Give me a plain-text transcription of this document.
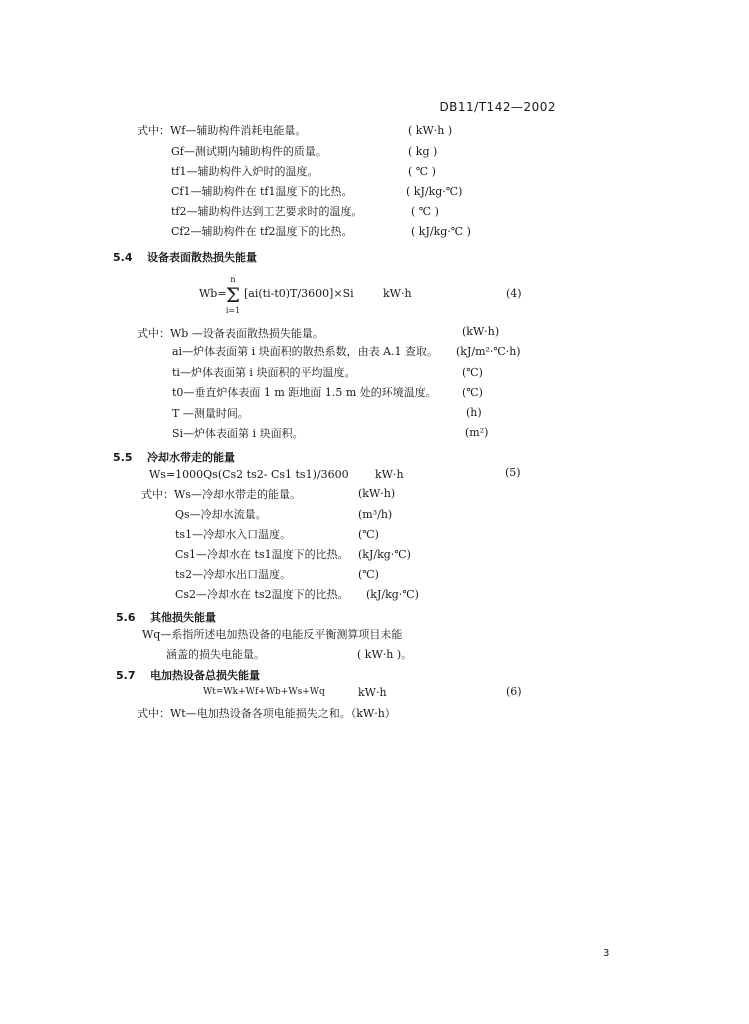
DB11/T142—2002
式中：Wf—辅助构件消耗电能量。	( kW·h )
Gf—测试期内辅助构件的质量。	( kg )
tf1—辅助构件入炉时的温度。	( ℃ )
Cf1—辅助构件在 tf1温度下的比热。	( kJ/kg·℃)
tf2—辅助构件达到工艺要求时的温度。	( ℃ )
Cf2—辅助构件在 tf2温度下的比热。	( kJ/kg·℃ )
5.4 设备表面散热损失能量
Wb=
n
Σ
i=1
[ai(ti-t0)T/3600]×Si	kW·h	(4)
式中：Wb —设备表面散热损失能量。	(kW·h)
ai—炉体表面第 i 块面积的散热系数，由表 A.1 查取。 (kJ/m²·℃·h)
ti—炉体表面第 i 块面积的平均温度。	(℃)
t0—垂直炉体表面 1 m 距地面 1.5 m 处的环境温度。 (℃)
T —测量时间。	(h)
Si—炉体表面第 i 块面积。	(m²)
5.5 冷却水带走的能量
Ws=1000Qs(Cs2 ts2- Cs1 ts1)/3600 kW·h	(5)
式中：Ws—冷却水带走的能量。	(kW·h)
Qs—冷却水流量。	(m³/h)
ts1—冷却水入口温度。	(℃)
Cs1—冷却水在 ts1温度下的比热。 (kJ/kg·℃)
ts2—冷却水出口温度。	(℃)
Cs2—冷却水在 ts2温度下的比热。 (kJ/kg·℃)
5.6 其他损失能量
Wq—系指所述电加热设备的电能反平衡测算项目未能
涵盖的损失电能量。	( kW·h )。
5.7 电加热设备总损失能量
Wt=Wk+Wf+Wb+Ws+Wq	kW·h	(6)
式中：Wt—电加热设备各项电能损失之和。（kW·h）
3
